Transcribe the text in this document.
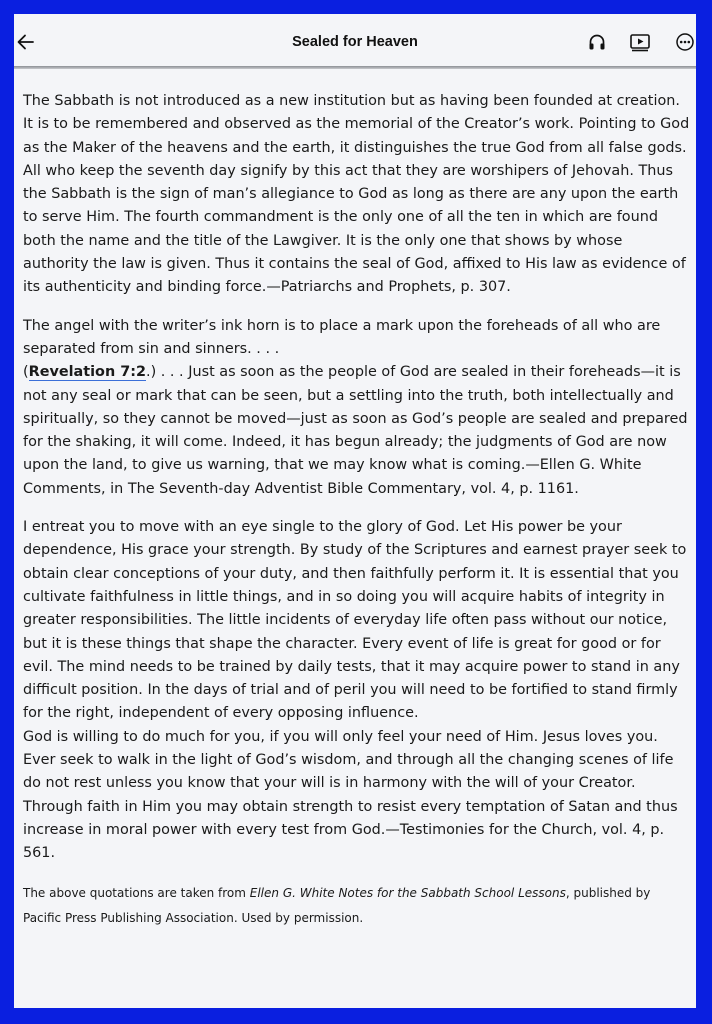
Sealed for Heaven

The Sabbath is not introduced as a new institution but as having been founded at creation. It is to be remembered and observed as the memorial of the Creator’s work. Pointing to God as the Maker of the heavens and the earth, it distinguishes the true God from all false gods. All who keep the seventh day signify by this act that they are worshipers of Jehovah. Thus the Sabbath is the sign of man’s allegiance to God as long as there are any upon the earth to serve Him. The fourth commandment is the only one of all the ten in which are found both the name and the title of the Lawgiver. It is the only one that shows by whose authority the law is given. Thus it contains the seal of God, affixed to His law as evidence of its authenticity and binding force.—Patriarchs and Prophets, p. 307.

The angel with the writer’s ink horn is to place a mark upon the foreheads of all who are separated from sin and sinners. . . .
(Revelation 7:2.) . . . Just as soon as the people of God are sealed in their foreheads—it is not any seal or mark that can be seen, but a settling into the truth, both intellectually and spiritually, so they cannot be moved—just as soon as God’s people are sealed and prepared for the shaking, it will come. Indeed, it has begun already; the judgments of God are now upon the land, to give us warning, that we may know what is coming.—Ellen G. White Comments, in The Seventh-day Adventist Bible Commentary, vol. 4, p. 1161.

I entreat you to move with an eye single to the glory of God. Let His power be your dependence, His grace your strength. By study of the Scriptures and earnest prayer seek to obtain clear conceptions of your duty, and then faithfully perform it. It is essential that you cultivate faithfulness in little things, and in so doing you will acquire habits of integrity in greater responsibilities. The little incidents of everyday life often pass without our notice, but it is these things that shape the character. Every event of life is great for good or for evil. The mind needs to be trained by daily tests, that it may acquire power to stand in any difficult position. In the days of trial and of peril you will need to be fortified to stand firmly for the right, independent of every opposing influence.
God is willing to do much for you, if you will only feel your need of Him. Jesus loves you. Ever seek to walk in the light of God’s wisdom, and through all the changing scenes of life do not rest unless you know that your will is in harmony with the will of your Creator. Through faith in Him you may obtain strength to resist every temptation of Satan and thus increase in moral power with every test from God.—Testimonies for the Church, vol. 4, p. 561.

The above quotations are taken from Ellen G. White Notes for the Sabbath School Lessons, published by Pacific Press Publishing Association. Used by permission.
